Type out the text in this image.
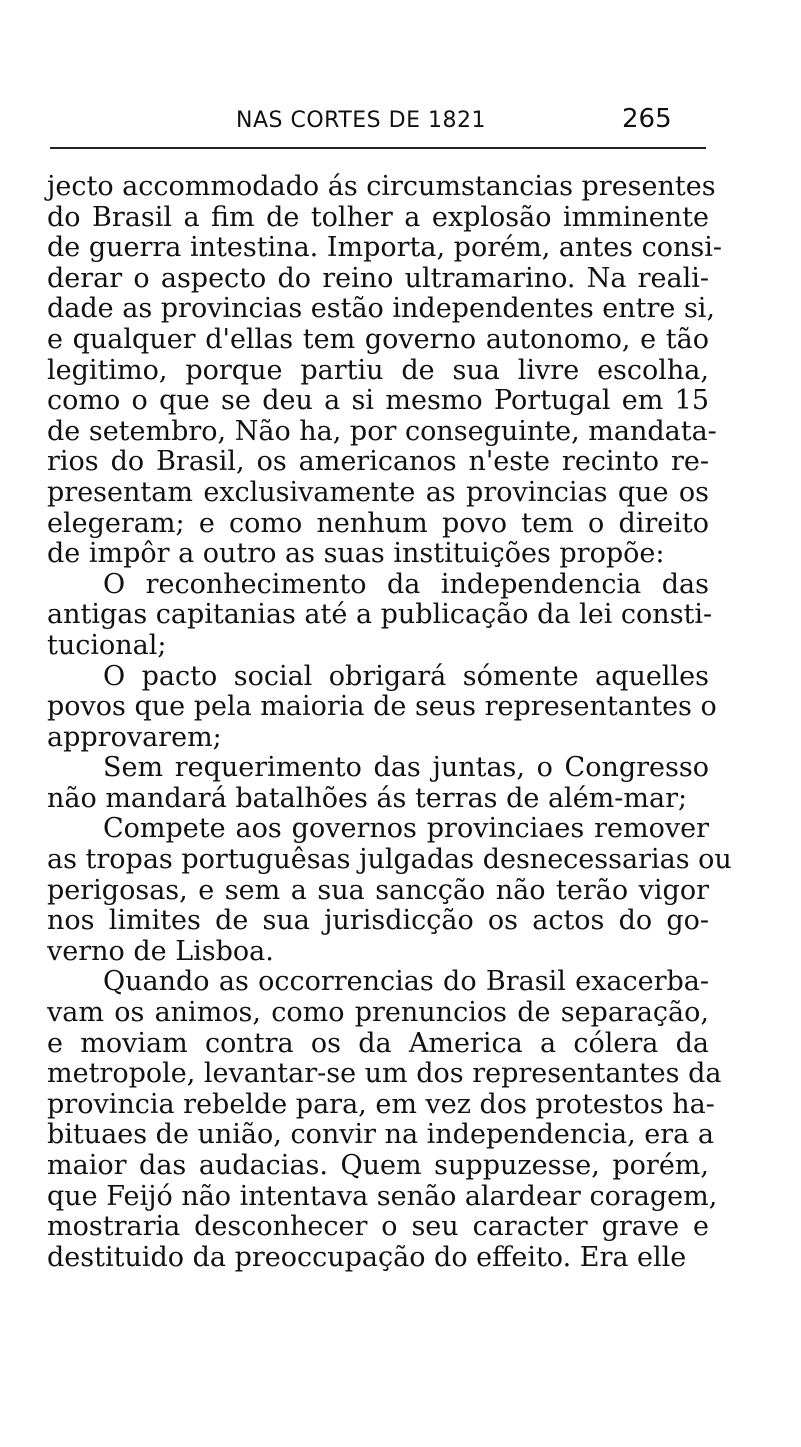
NAS CORTES DE 1821	265
jecto accommodado ás circumstancias presentes
do Brasil a fim de tolher a explosão imminente
de guerra intestina. Importa, porém, antes consi-
derar o aspecto do reino ultramarino. Na reali-
dade as provincias estão independentes entre si,
e qualquer d'ellas tem governo autonomo, e tão
legitimo, porque partiu de sua livre escolha,
como o que se deu a si mesmo Portugal em 15
de setembro, Não ha, por conseguinte, mandata-
rios do Brasil, os americanos n'este recinto re-
presentam exclusivamente as provincias que os
elegeram; e como nenhum povo tem o direito
de impôr a outro as suas instituições propõe:
O reconhecimento da independencia das
antigas capitanias até a publicação da lei consti-
tucional;
O pacto social obrigará sómente aquelles
povos que pela maioria de seus representantes o
approvarem;
Sem requerimento das juntas, o Congresso
não mandará batalhões ás terras de além-mar;
Compete aos governos provinciaes remover
as tropas portuguêsas julgadas desnecessarias ou
perigosas, e sem a sua sancção não terão vigor
nos limites de sua jurisdicção os actos do go-
verno de Lisboa.
Quando as occorrencias do Brasil exacerba-
vam os animos, como prenuncios de separação,
e moviam contra os da America a cólera da
metropole, levantar-se um dos representantes da
provincia rebelde para, em vez dos protestos ha-
bituaes de união, convir na independencia, era a
maior das audacias. Quem suppuzesse, porém,
que Feijó não intentava senão alardear coragem,
mostraria desconhecer o seu caracter grave e
destituido da preoccupação do effeito. Era elle
